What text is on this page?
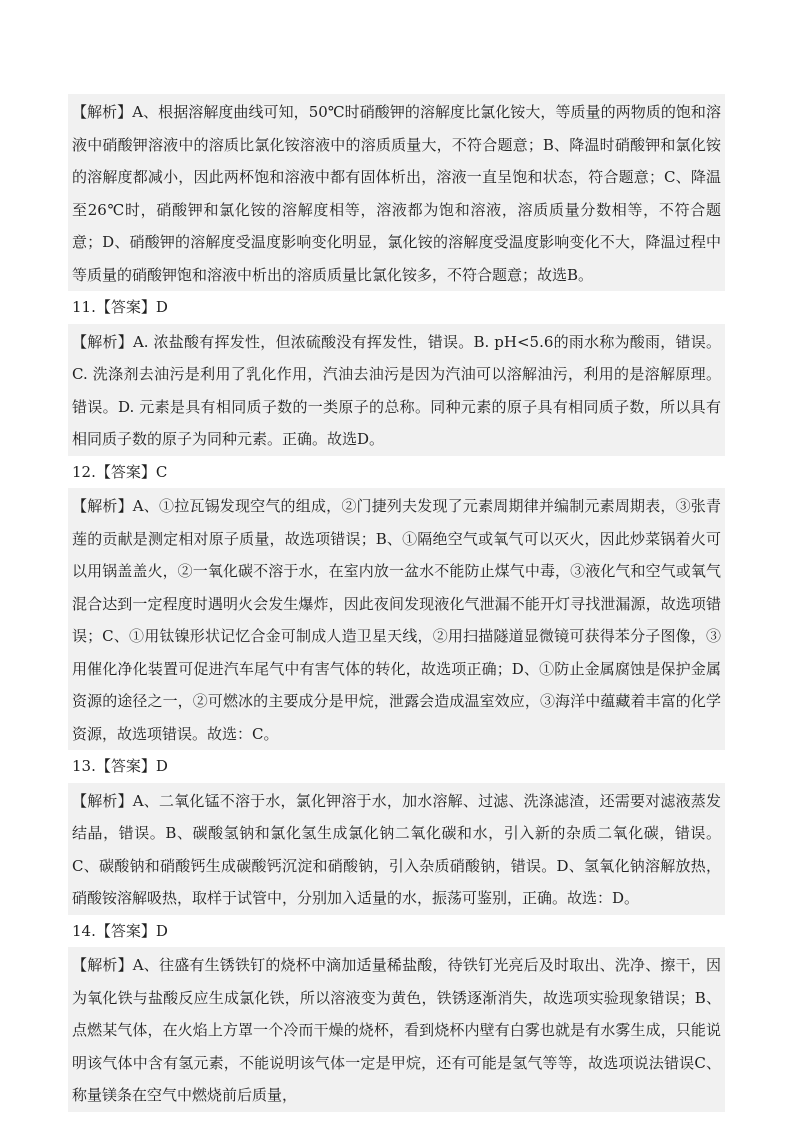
【解析】A、根据溶解度曲线可知，50℃时硝酸钾的溶解度比氯化铵大，等质量的两物质的饱和溶液中硝酸钾溶液中的溶质比氯化铵溶液中的溶质质量大，不符合题意；B、降温时硝酸钾和氯化铵的溶解度都减小，因此两杯饱和溶液中都有固体析出，溶液一直呈饱和状态，符合题意；C、降温至26℃时，硝酸钾和氯化铵的溶解度相等，溶液都为饱和溶液，溶质质量分数相等，不符合题意；D、硝酸钾的溶解度受温度影响变化明显，氯化铵的溶解度受温度影响变化不大，降温过程中等质量的硝酸钾饱和溶液中析出的溶质质量比氯化铵多，不符合题意；故选B。

11.【答案】D

【解析】A. 浓盐酸有挥发性，但浓硫酸没有挥发性，错误。B. pH<5.6的雨水称为酸雨，错误。C. 洗涤剂去油污是利用了乳化作用，汽油去油污是因为汽油可以溶解油污，利用的是溶解原理。错误。D. 元素是具有相同质子数的一类原子的总称。同种元素的原子具有相同质子数，所以具有相同质子数的原子为同种元素。正确。故选D。

12.【答案】C

【解析】A、①拉瓦锡发现空气的组成，②门捷列夫发现了元素周期律并编制元素周期表，③张青莲的贡献是测定相对原子质量，故选项错误；B、①隔绝空气或氧气可以灭火，因此炒菜锅着火可以用锅盖盖火，②一氧化碳不溶于水，在室内放一盆水不能防止煤气中毒，③液化气和空气或氧气混合达到一定程度时遇明火会发生爆炸，因此夜间发现液化气泄漏不能开灯寻找泄漏源，故选项错误；C、①用钛镍形状记忆合金可制成人造卫星天线，②用扫描隧道显微镜可获得苯分子图像，③用催化净化装置可促进汽车尾气中有害气体的转化，故选项正确；D、①防止金属腐蚀是保护金属资源的途径之一，②可燃冰的主要成分是甲烷，泄露会造成温室效应，③海洋中蕴藏着丰富的化学资源，故选项错误。故选：C。

13.【答案】D

【解析】A、二氧化锰不溶于水，氯化钾溶于水，加水溶解、过滤、洗涤滤渣，还需要对滤液蒸发结晶，错误。B、碳酸氢钠和氯化氢生成氯化钠二氧化碳和水，引入新的杂质二氧化碳，错误。C、碳酸钠和硝酸钙生成碳酸钙沉淀和硝酸钠，引入杂质硝酸钠，错误。D、氢氧化钠溶解放热，硝酸铵溶解吸热，取样于试管中，分别加入适量的水，振荡可鉴别，正确。故选：D。

14.【答案】D

【解析】A、往盛有生锈铁钉的烧杯中滴加适量稀盐酸，待铁钉光亮后及时取出、洗净、擦干，因为氧化铁与盐酸反应生成氯化铁，所以溶液变为黄色，铁锈逐渐消失，故选项实验现象错误；B、点燃某气体，在火焰上方罩一个冷而干燥的烧杯，看到烧杯内壁有白雾也就是有水雾生成，只能说明该气体中含有氢元素，不能说明该气体一定是甲烷，还有可能是氢气等等，故选项说法错误C、称量镁条在空气中燃烧前后质量，
